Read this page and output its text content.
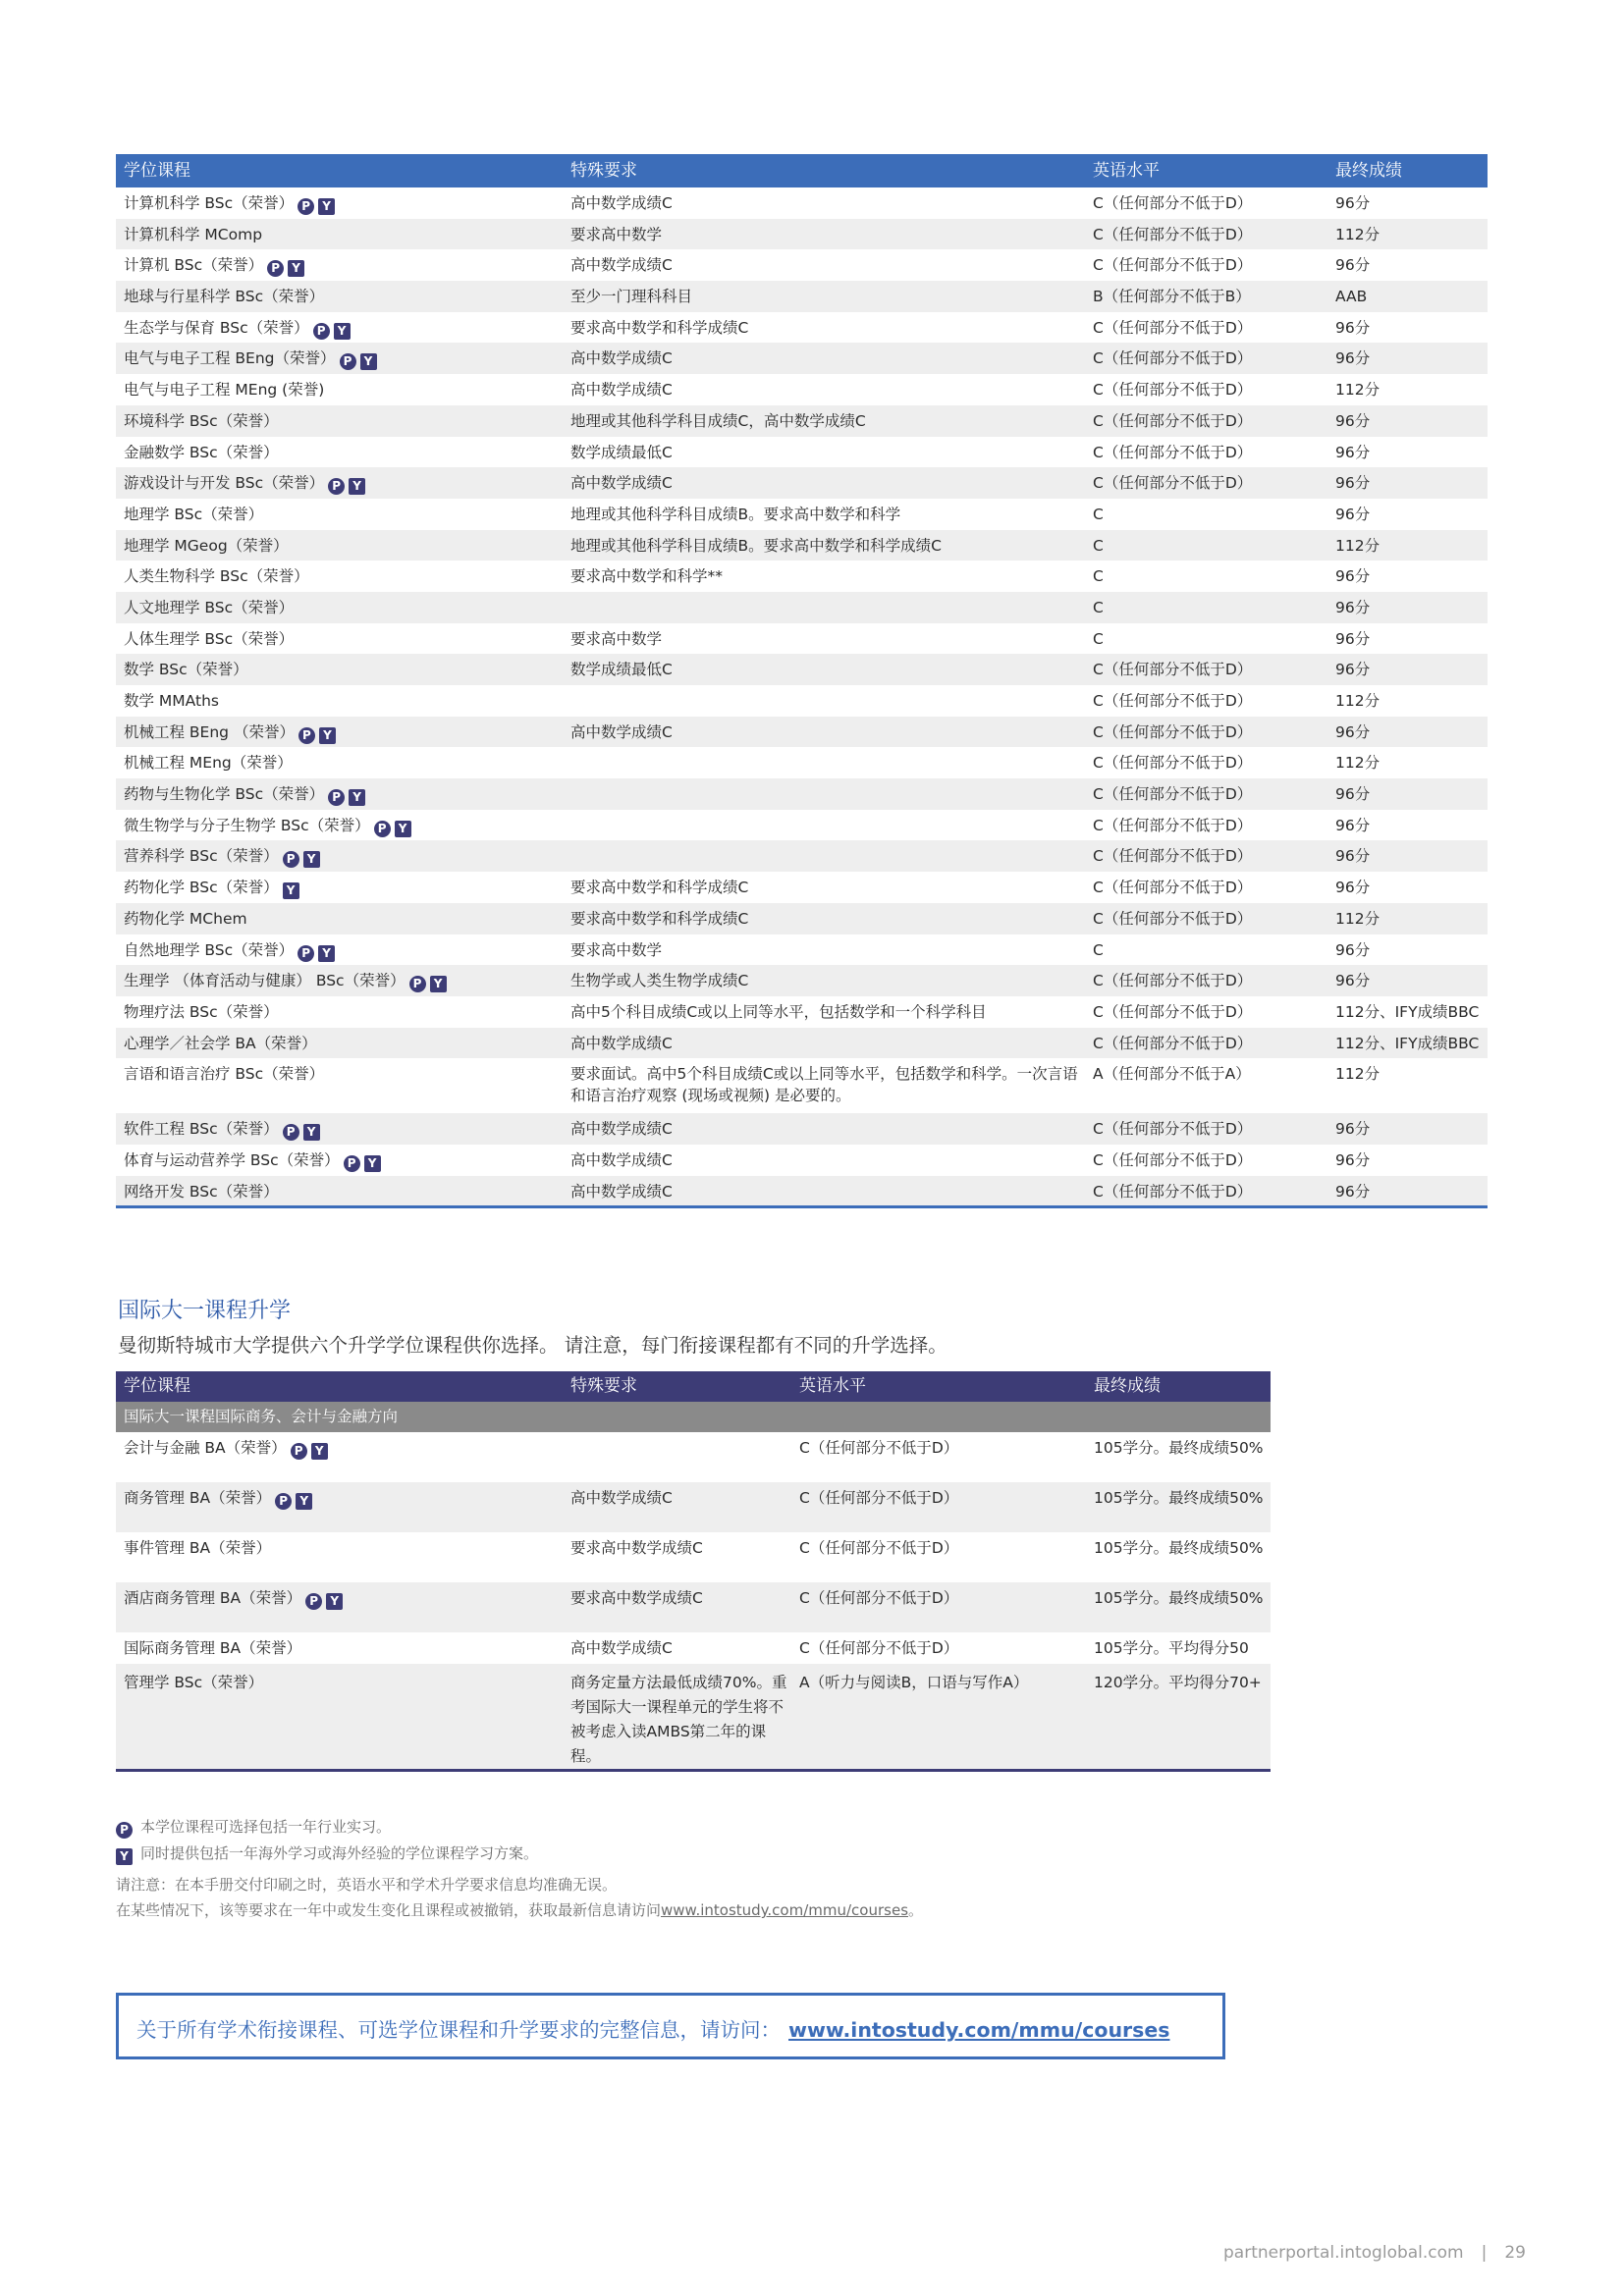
学位课程	特殊要求	英语水平	最终成绩
计算机科学 BSc（荣誉） P Y	高中数学成绩C	C（任何部分不低于D）	96分
计算机科学 MComp	要求高中数学	C（任何部分不低于D）	112分
计算机 BSc（荣誉） P Y	高中数学成绩C	C（任何部分不低于D）	96分
地球与行星科学 BSc（荣誉）	至少一门理科科目	B（任何部分不低于B）	AAB
生态学与保育 BSc（荣誉） P Y	要求高中数学和科学成绩C	C（任何部分不低于D）	96分
电气与电子工程 BEng（荣誉） P Y	高中数学成绩C	C（任何部分不低于D）	96分
电气与电子工程 MEng (荣誉)	高中数学成绩C	C（任何部分不低于D）	112分
环境科学 BSc（荣誉）	地理或其他科学科目成绩C，高中数学成绩C	C（任何部分不低于D）	96分
金融数学 BSc（荣誉）	数学成绩最低C	C（任何部分不低于D）	96分
游戏设计与开发 BSc（荣誉） P Y	高中数学成绩C	C（任何部分不低于D）	96分
地理学 BSc（荣誉）	地理或其他科学科目成绩B。要求高中数学和科学	C	96分
地理学 MGeog（荣誉）	地理或其他科学科目成绩B。要求高中数学和科学成绩C	C	112分
人类生物科学 BSc（荣誉）	要求高中数学和科学**	C	96分
人文地理学 BSc（荣誉）		C	96分
人体生理学 BSc（荣誉）	要求高中数学	C	96分
数学 BSc（荣誉）	数学成绩最低C	C（任何部分不低于D）	96分
数学 MMAths		C（任何部分不低于D）	112分
机械工程 BEng （荣誉） P Y	高中数学成绩C	C（任何部分不低于D）	96分
机械工程 MEng（荣誉）		C（任何部分不低于D）	112分
药物与生物化学 BSc（荣誉） P Y		C（任何部分不低于D）	96分
微生物学与分子生物学 BSc（荣誉） P Y		C（任何部分不低于D）	96分
营养科学 BSc（荣誉） P Y		C（任何部分不低于D）	96分
药物化学 BSc（荣誉） Y	要求高中数学和科学成绩C	C（任何部分不低于D）	96分
药物化学 MChem	要求高中数学和科学成绩C	C（任何部分不低于D）	112分
自然地理学 BSc（荣誉） P Y	要求高中数学	C	96分
生理学 （体育活动与健康） BSc（荣誉） P Y	生物学或人类生物学成绩C	C（任何部分不低于D）	96分
物理疗法 BSc（荣誉）	高中5个科目成绩C或以上同等水平，包括数学和一个科学科目	C（任何部分不低于D）	112分、IFY成绩BBC
心理学／社会学 BA（荣誉）	高中数学成绩C	C（任何部分不低于D）	112分、IFY成绩BBC
言语和语言治疗 BSc（荣誉）	要求面试。高中5个科目成绩C或以上同等水平，包括数学和科学。一次言语和语言治疗观察 (现场或视频) 是必要的。	A（任何部分不低于A）	112分
软件工程 BSc（荣誉） P Y	高中数学成绩C	C（任何部分不低于D）	96分
体育与运动营养学 BSc（荣誉） P Y	高中数学成绩C	C（任何部分不低于D）	96分
网络开发 BSc（荣誉）	高中数学成绩C	C（任何部分不低于D）	96分
国际大一课程升学
曼彻斯特城市大学提供六个升学学位课程供你选择。 请注意，每门衔接课程都有不同的升学选择。
学位课程	特殊要求	英语水平	最终成绩
国际大一课程国际商务、会计与金融方向			
会计与金融 BA（荣誉） P Y		C（任何部分不低于D）	105学分。最终成绩50%
商务管理 BA（荣誉） P Y	高中数学成绩C	C（任何部分不低于D）	105学分。最终成绩50%
事件管理 BA（荣誉）	要求高中数学成绩C	C（任何部分不低于D）	105学分。最终成绩50%
酒店商务管理 BA（荣誉） P Y	要求高中数学成绩C	C（任何部分不低于D）	105学分。最终成绩50%
国际商务管理 BA（荣誉）	高中数学成绩C	C（任何部分不低于D）	105学分。平均得分50
管理学 BSc（荣誉）	商务定量方法最低成绩70%。重考国际大一课程单元的学生将不被考虑入读AMBS第二年的课程。	A（听力与阅读B，口语与写作A）	120学分。平均得分70+
P 本学位课程可选择包括一年行业实习。
Y 同时提供包括一年海外学习或海外经验的学位课程学习方案。
请注意：在本手册交付印刷之时，英语水平和学术升学要求信息均准确无误。
在某些情况下，该等要求在一年中或发生变化且课程或被撤销，获取最新信息请访问www.intostudy.com/mmu/courses。
关于所有学术衔接课程、可选学位课程和升学要求的完整信息，请访问： www.intostudy.com/mmu/courses
partnerportal.intoglobal.com | 29
